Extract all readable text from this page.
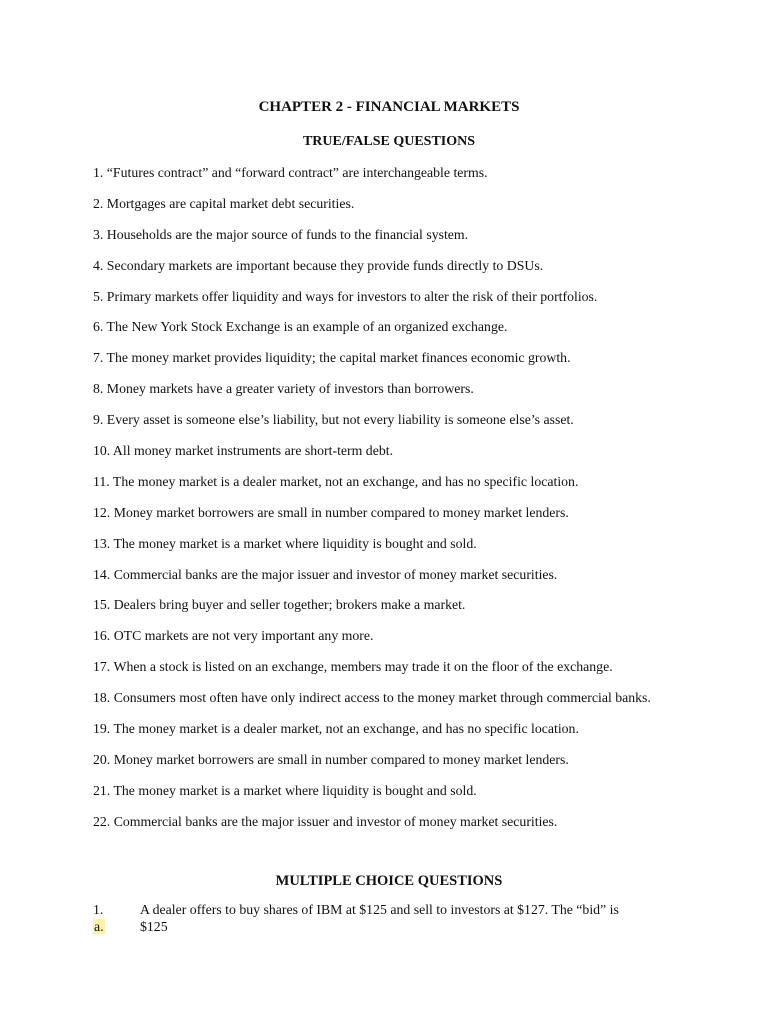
CHAPTER 2 - FINANCIAL MARKETS
TRUE/FALSE QUESTIONS
1. “Futures contract” and “forward contract” are interchangeable terms.
2. Mortgages are capital market debt securities.
3. Households are the major source of funds to the financial system.
4. Secondary markets are important because they provide funds directly to DSUs.
5. Primary markets offer liquidity and ways for investors to alter the risk of their portfolios.
6. The New York Stock Exchange is an example of an organized exchange.
7. The money market provides liquidity; the capital market finances economic growth.
8. Money markets have a greater variety of investors than borrowers.
9. Every asset is someone else’s liability, but not every liability is someone else’s asset.
10. All money market instruments are short-term debt.
11. The money market is a dealer market, not an exchange, and has no specific location.
12. Money market borrowers are small in number compared to money market lenders.
13. The money market is a market where liquidity is bought and sold.
14. Commercial banks are the major issuer and investor of money market securities.
15. Dealers bring buyer and seller together; brokers make a market.
16. OTC markets are not very important any more.
17. When a stock is listed on an exchange, members may trade it on the floor of the exchange.
18. Consumers most often have only indirect access to the money market through commercial banks.
19. The money market is a dealer market, not an exchange, and has no specific location.
20. Money market borrowers are small in number compared to money market lenders.
21. The money market is a market where liquidity is bought and sold.
22. Commercial banks are the major issuer and investor of money market securities.
MULTIPLE CHOICE QUESTIONS
1.	A dealer offers to buy shares of IBM at $125 and sell to investors at $127. The “bid” is
a.	$125
